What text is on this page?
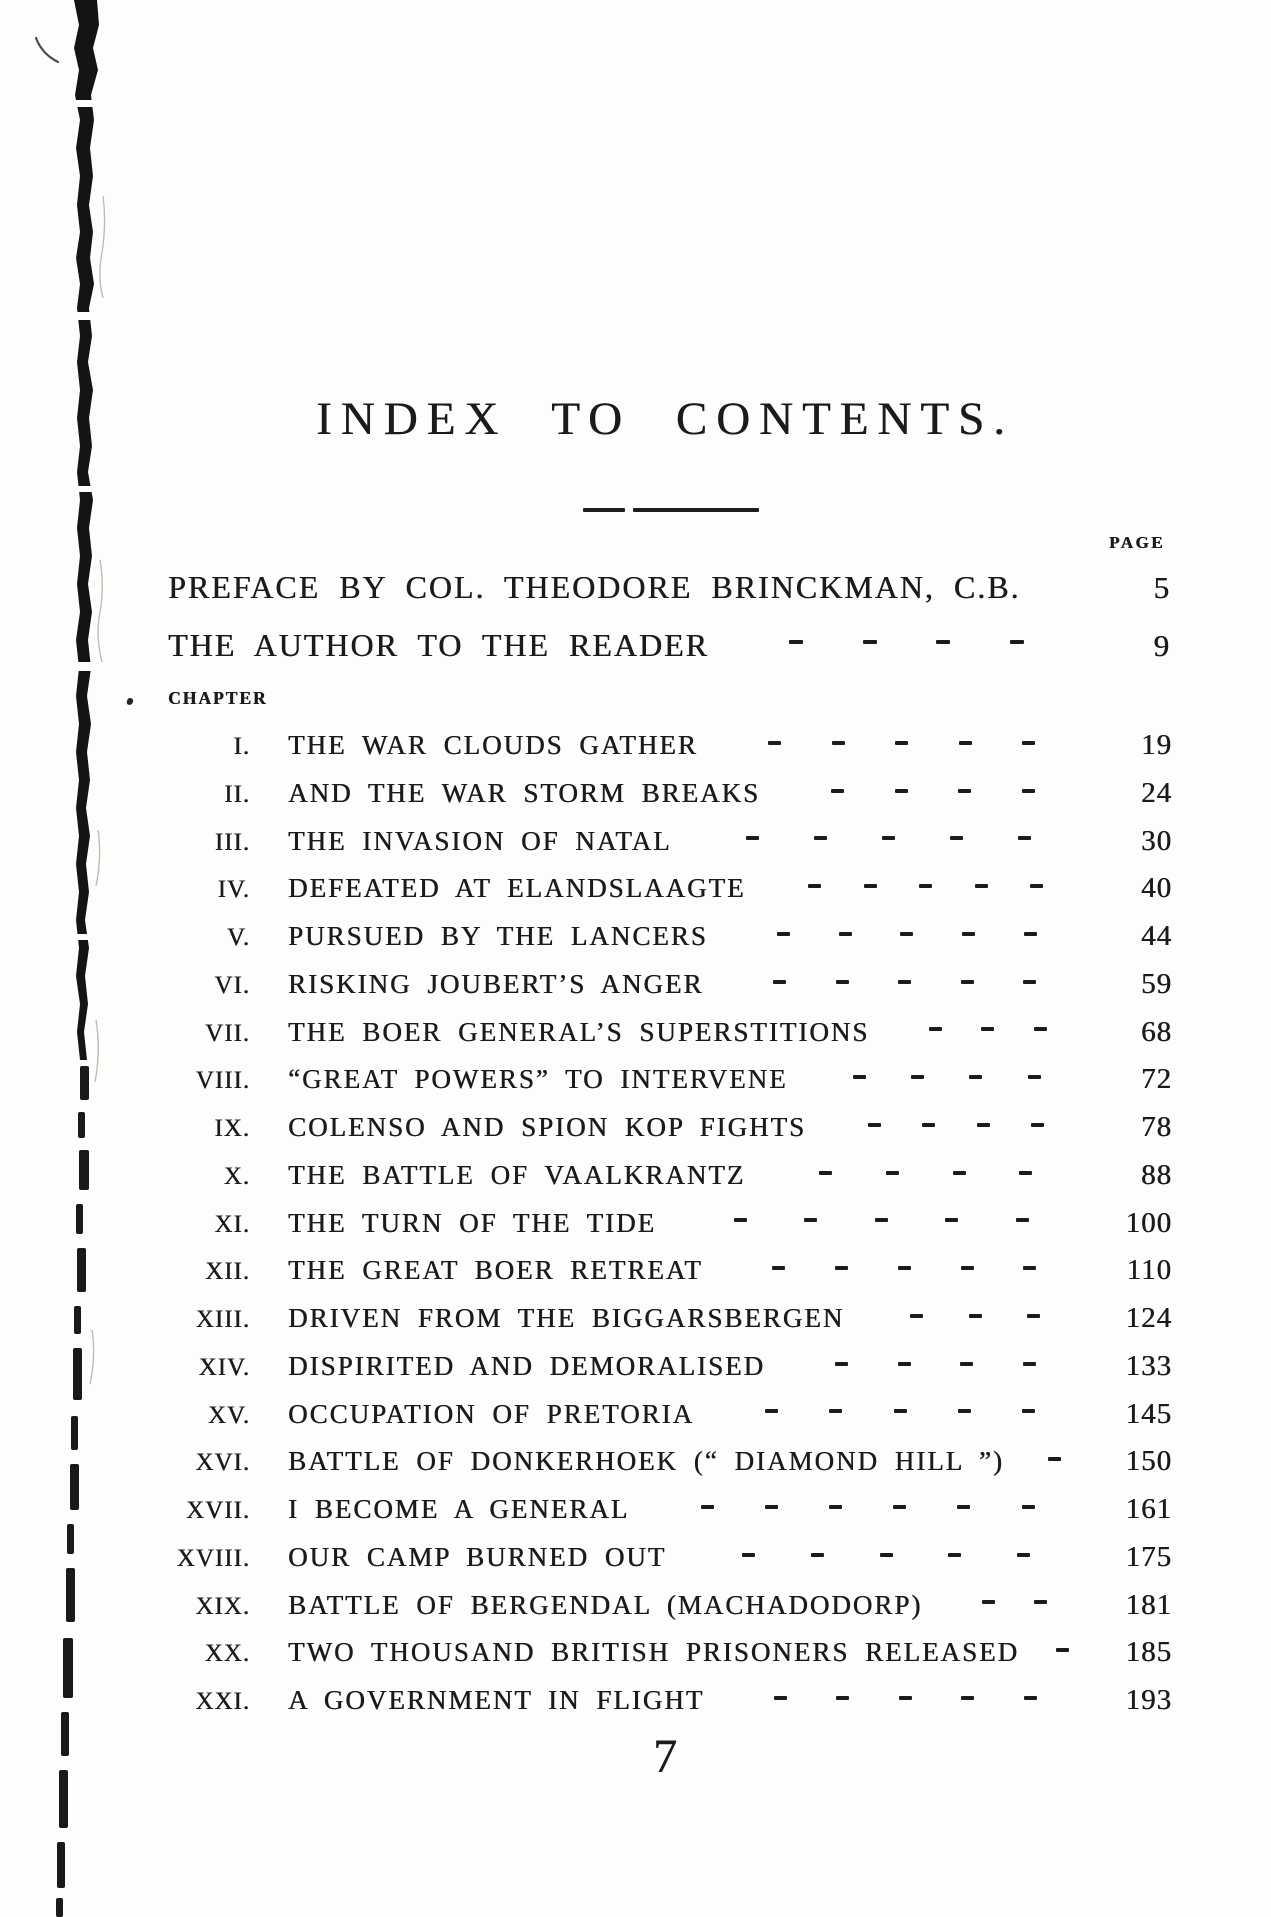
INDEX TO CONTENTS.
PAGE
PREFACE BY COL. THEODORE BRINCKMAN, C.B.	5
THE AUTHOR TO THE READER	9
CHAPTER
I. THE WAR CLOUDS GATHER	19
II. AND THE WAR STORM BREAKS	24
III. THE INVASION OF NATAL	30
IV. DEFEATED AT ELANDSLAAGTE	40
V. PURSUED BY THE LANCERS	44
VI. RISKING JOUBERT’S ANGER	59
VII. THE BOER GENERAL’S SUPERSTITIONS	68
VIII. “GREAT POWERS” TO INTERVENE	72
IX. COLENSO AND SPION KOP FIGHTS	78
X. THE BATTLE OF VAALKRANTZ	88
XI. THE TURN OF THE TIDE	100
XII. THE GREAT BOER RETREAT	110
XIII. DRIVEN FROM THE BIGGARSBERGEN	124
XIV. DISPIRITED AND DEMORALISED	133
XV. OCCUPATION OF PRETORIA	145
XVI. BATTLE OF DONKERHOEK (“ DIAMOND HILL ”)	150
XVII. I BECOME A GENERAL	161
XVIII. OUR CAMP BURNED OUT	175
XIX. BATTLE OF BERGENDAL (MACHADODORP)	181
XX. TWO THOUSAND BRITISH PRISONERS RELEASED	185
XXI. A GOVERNMENT IN FLIGHT	193
7
